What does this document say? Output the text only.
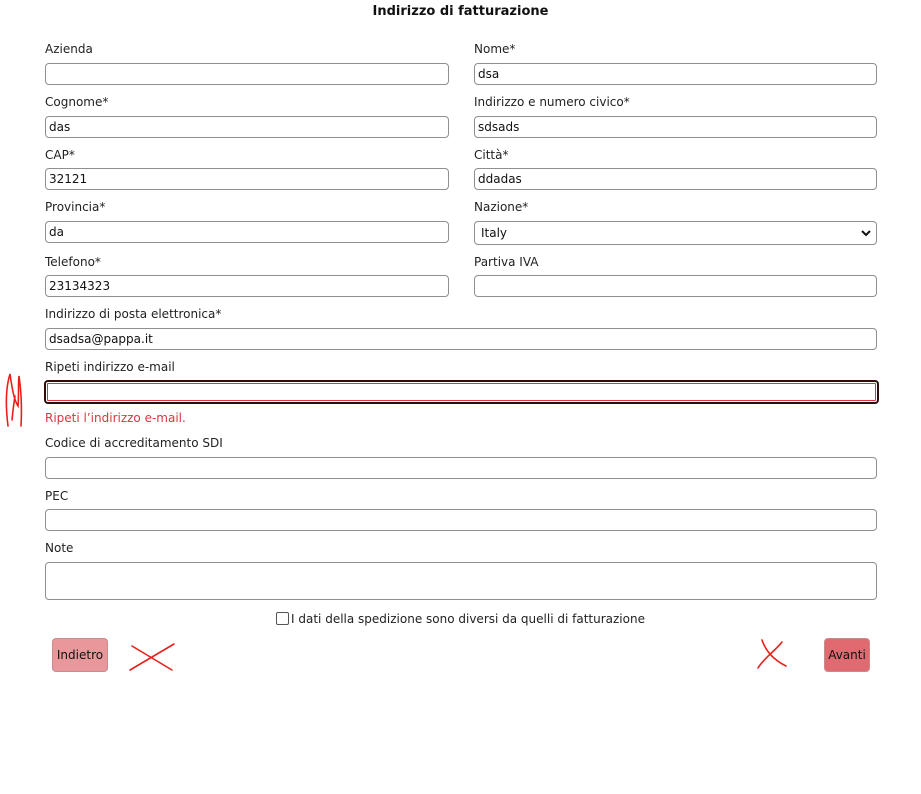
Indirizzo di fatturazione
Azienda	Nome*
dsa
Cognome*
das
Indirizzo e numero civico*
sdsads
CAP*
32121
Città*
ddadas
Provincia*
da
Nazione*
Italy
Telefono*
23134323
Partiva IVA
Indirizzo di posta elettronica*
dsadsa@pappa.it
Ripeti indirizzo e-mail
Ripeti l’indirizzo e-mail.
Codice di accreditamento SDI
PEC
Note
I dati della spedizione sono diversi da quelli di fatturazione
Indietro	Avanti
